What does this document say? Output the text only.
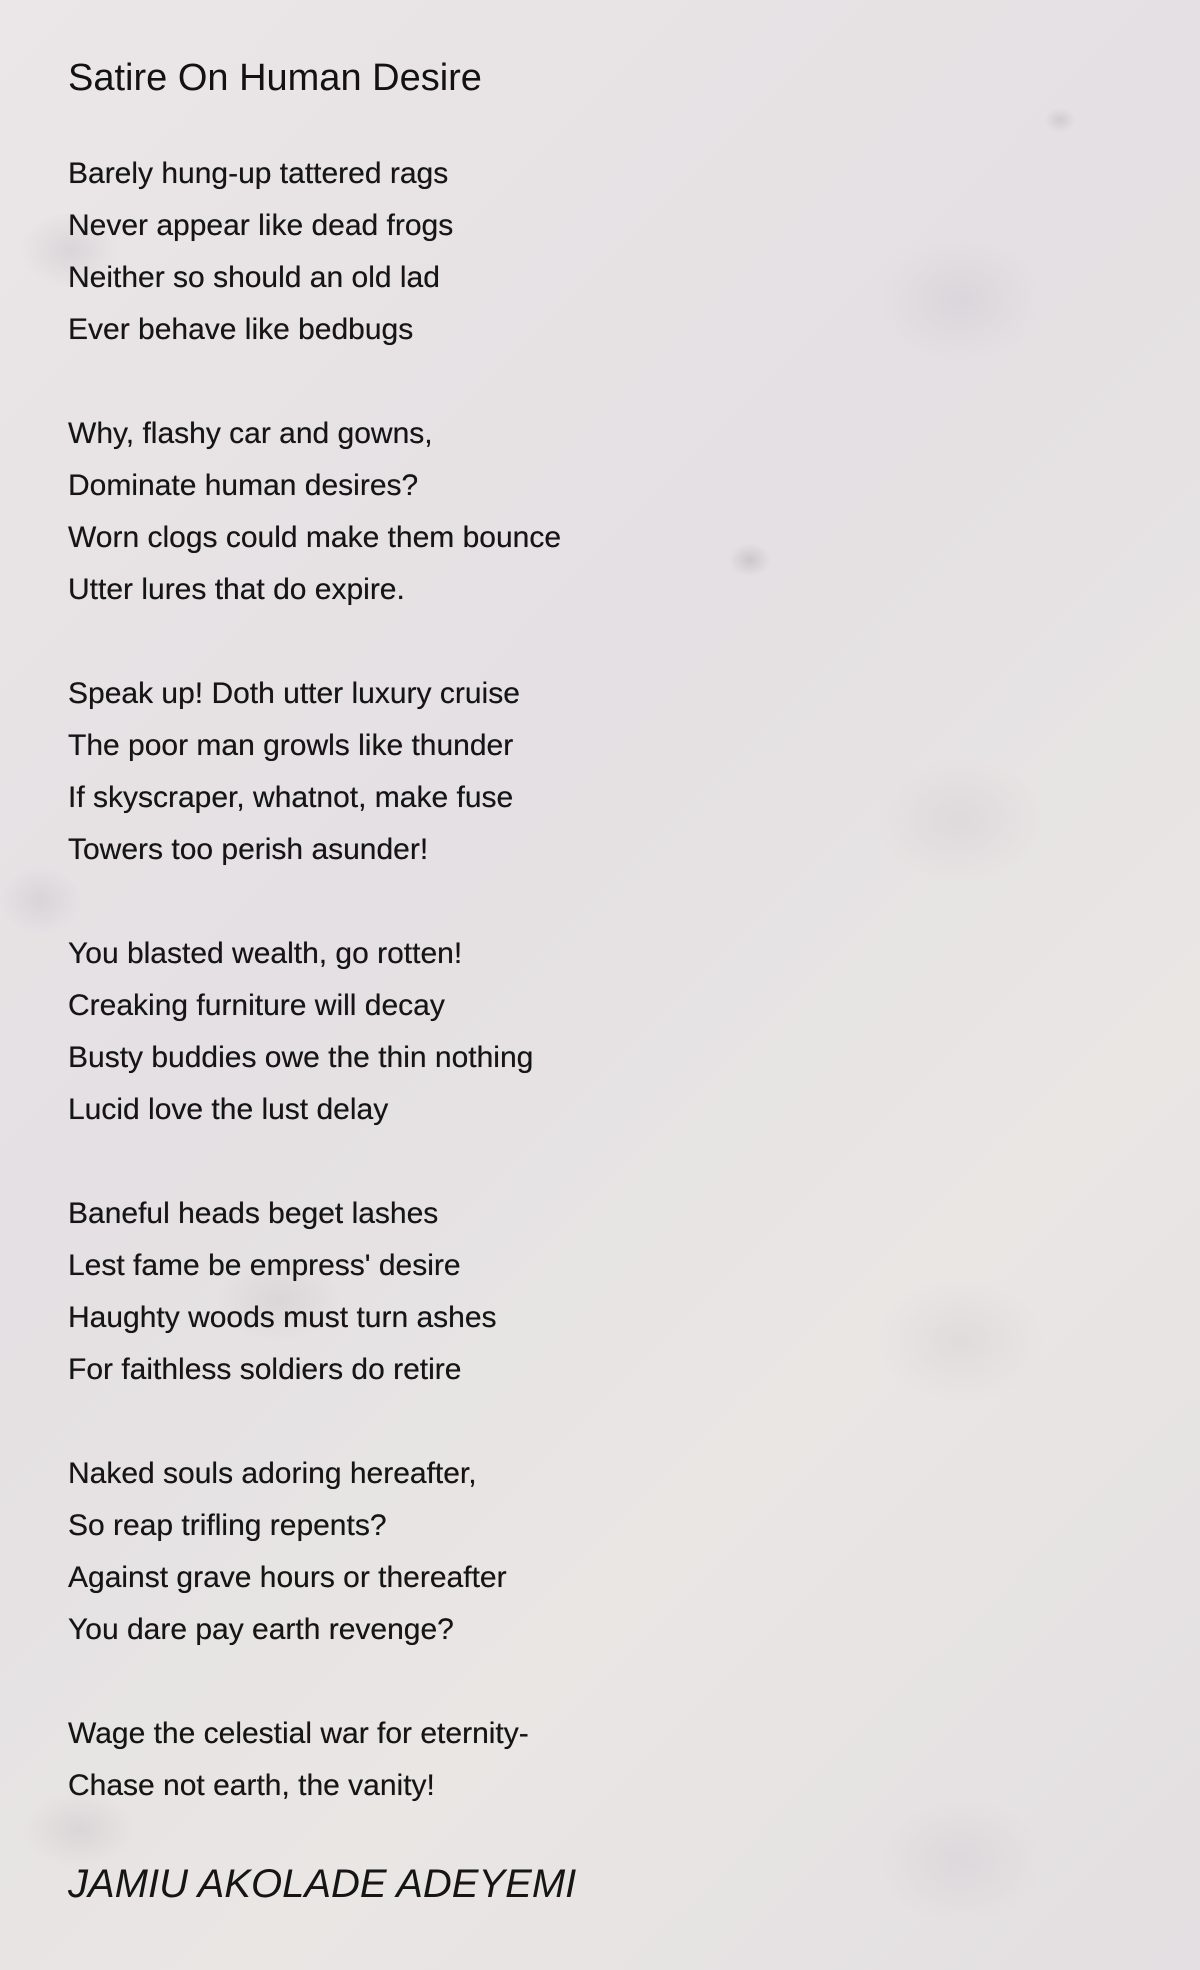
Satire On Human Desire
Barely hung-up tattered rags
Never appear like dead frogs
Neither so should an old lad
Ever behave like bedbugs
Why, flashy car and gowns,
Dominate human desires?
Worn clogs could make them bounce
Utter lures that do expire.
Speak up! Doth utter luxury cruise
The poor man growls like thunder
If skyscraper, whatnot, make fuse
Towers too perish asunder!
You blasted wealth, go rotten!
Creaking furniture will decay
Busty buddies owe the thin nothing
Lucid love the lust delay
Baneful heads beget lashes
Lest fame be empress' desire
Haughty woods must turn ashes
For faithless soldiers do retire
Naked souls adoring hereafter,
So reap trifling repents?
Against grave hours or thereafter
You dare pay earth revenge?
Wage the celestial war for eternity-
Chase not earth, the vanity!
JAMIU AKOLADE ADEYEMI
